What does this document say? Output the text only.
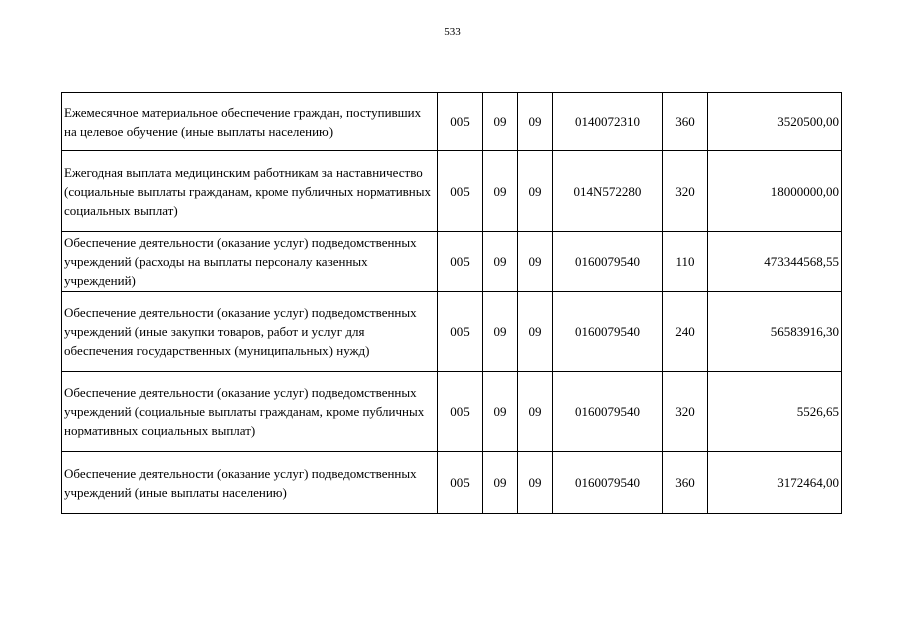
533
Ежемесячное материальное обеспечение граждан, поступивших на целевое обучение (иные выплаты населению)	005	09	09	0140072310	360	3520500,00
Ежегодная выплата медицинским работникам за наставничество (социальные выплаты гражданам, кроме публичных нормативных социальных выплат)	005	09	09	014N572280	320	18000000,00
Обеспечение деятельности (оказание услуг) подведомственных учреждений (расходы на выплаты персоналу казенных учреждений)	005	09	09	0160079540	110	473344568,55
Обеспечение деятельности (оказание услуг) подведомственных учреждений (иные закупки товаров, работ и услуг для обеспечения государственных (муниципальных) нужд)	005	09	09	0160079540	240	56583916,30
Обеспечение деятельности (оказание услуг) подведомственных учреждений (социальные выплаты гражданам, кроме публичных нормативных социальных выплат)	005	09	09	0160079540	320	5526,65
Обеспечение деятельности (оказание услуг) подведомственных учреждений (иные выплаты населению)	005	09	09	0160079540	360	3172464,00
